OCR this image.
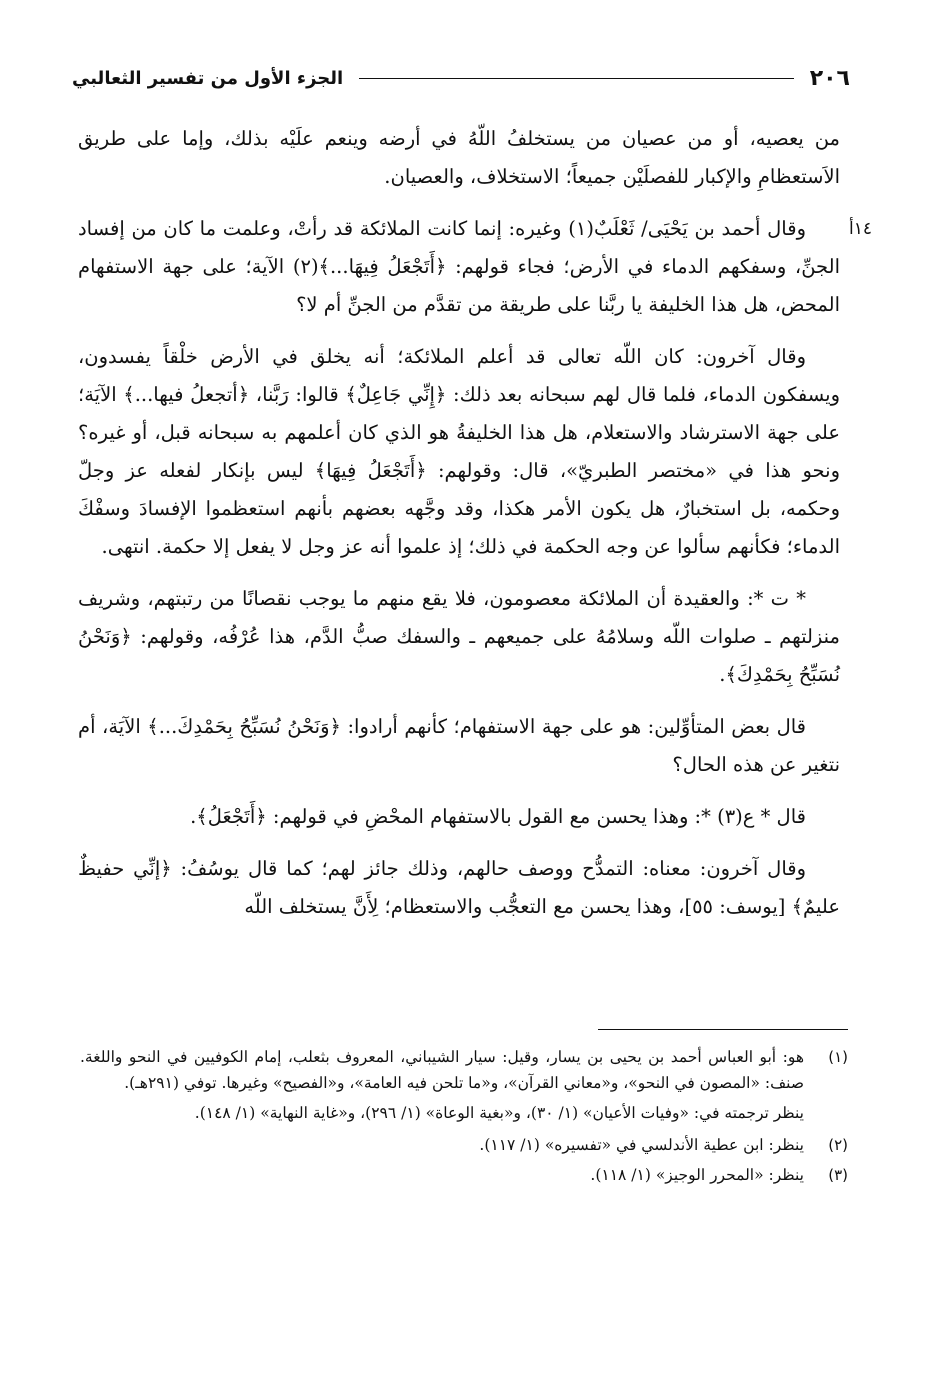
٢٠٦
الجزء الأول من تفسير الثعالبي

من يعصيه، أو من عصيان من يستخلفُ اللّهُ في أرضه وينعم علَيْه بذلك، وإما على طريق الاَستعظامِ والإكبار للفصلَيْن جميعاً؛ الاستخلاف، والعصيان.

١٤أ
وقال أحمد بن يَحْيَى/ ثَعْلَبٌ(١) وغيره: إنما كانت الملائكة قد رأتْ، وعلمت ما كان من إفساد الجنِّ، وسفكهم الدماء في الأرض؛ فجاء قولهم: ﴿أَتَجْعَلُ فِيهَا...﴾(٢) الآية؛ على جهة الاستفهام المحض، هل هذا الخليفة يا ربَّنا على طريقة من تقدَّم من الجنِّ أم لا؟

وقال آخرون: كان اللّه تعالى قد أعلم الملائكة؛ أنه يخلق في الأرض خلْقاً يفسدون، ويسفكون الدماء، فلما قال لهم سبحانه بعد ذلك: ﴿إِنِّي جَاعِلٌ﴾ قالوا: رَبَّنا، ﴿أتجعلُ فيها...﴾ الآيَة؛ على جهة الاسترشاد والاستعلام، هل هذا الخليفةُ هو الذي كان أعلمهم به سبحانه قبل، أو غيره؟ ونحو هذا في «مختصر الطبريّ»، قال: وقولهم: ﴿أَتَجْعَلُ فِيهَا﴾ ليس بإنكار لفعله عز وجلّ وحكمه، بل استخبارٌ، هل يكون الأمر هكذا، وقد وجَّهه بعضهم بأنهم استعظموا الإفسادَ وسفْكَ الدماء؛ فكأنهم سألوا عن وجه الحكمة في ذلك؛ إذ علموا أنه عز وجل لا يفعل إلا حكمة. انتهى.

* ت *: والعقيدة أن الملائكة معصومون، فلا يقع منهم ما يوجب نقصانًا من رتبتهم، وشريف منزلتهم ـ صلوات اللّه وسلامُهُ على جميعهم ـ والسفك صبُّ الدَّم، هذا عُرْفُه، وقولهم: ﴿وَنَحْنُ نُسَبِّحُ بِحَمْدِكَ﴾.

قال بعض المتأوِّلين: هو على جهة الاستفهام؛ كأنهم أرادوا: ﴿وَنَحْنُ نُسَبِّحُ بِحَمْدِكَ...﴾ الآيَة، أم نتغير عن هذه الحال؟

قال * ع(٣) *: وهذا يحسن مع القول بالاستفهام المحْضِ في قولهم: ﴿أَتَجْعَلُ﴾.

وقال آخرون: معناه: التمدُّح ووصف حالهم، وذلك جائز لهم؛ كما قال يوسُفُ: ﴿إنِّي حفيظٌ عليمٌ﴾ [يوسف: ٥٥]، وهذا يحسن مع التعجُّب والاستعظام؛ لِأَنَّ يستخلف اللّه

(١)
هو: أبو العباس أحمد بن يحيى بن يسار، وقيل: سيار الشيباني، المعروف بثعلب، إمام الكوفيين في النحو واللغة. صنف: «المصون في النحو»، و«معاني القرآن»، و«ما تلحن فيه العامة»، و«الفصيح» وغيرها. توفي (٢٩١هـ).
ينظر ترجمته في: «وفيات الأعيان» (١/ ٣٠)، و«بغية الوعاة» (١/ ٢٩٦)، و«غاية النهاية» (١/ ١٤٨).
(٢)
ينظر: ابن عطية الأندلسي في «تفسيره» (١/ ١١٧).
(٣)
ينظر: «المحرر الوجيز» (١/ ١١٨).
